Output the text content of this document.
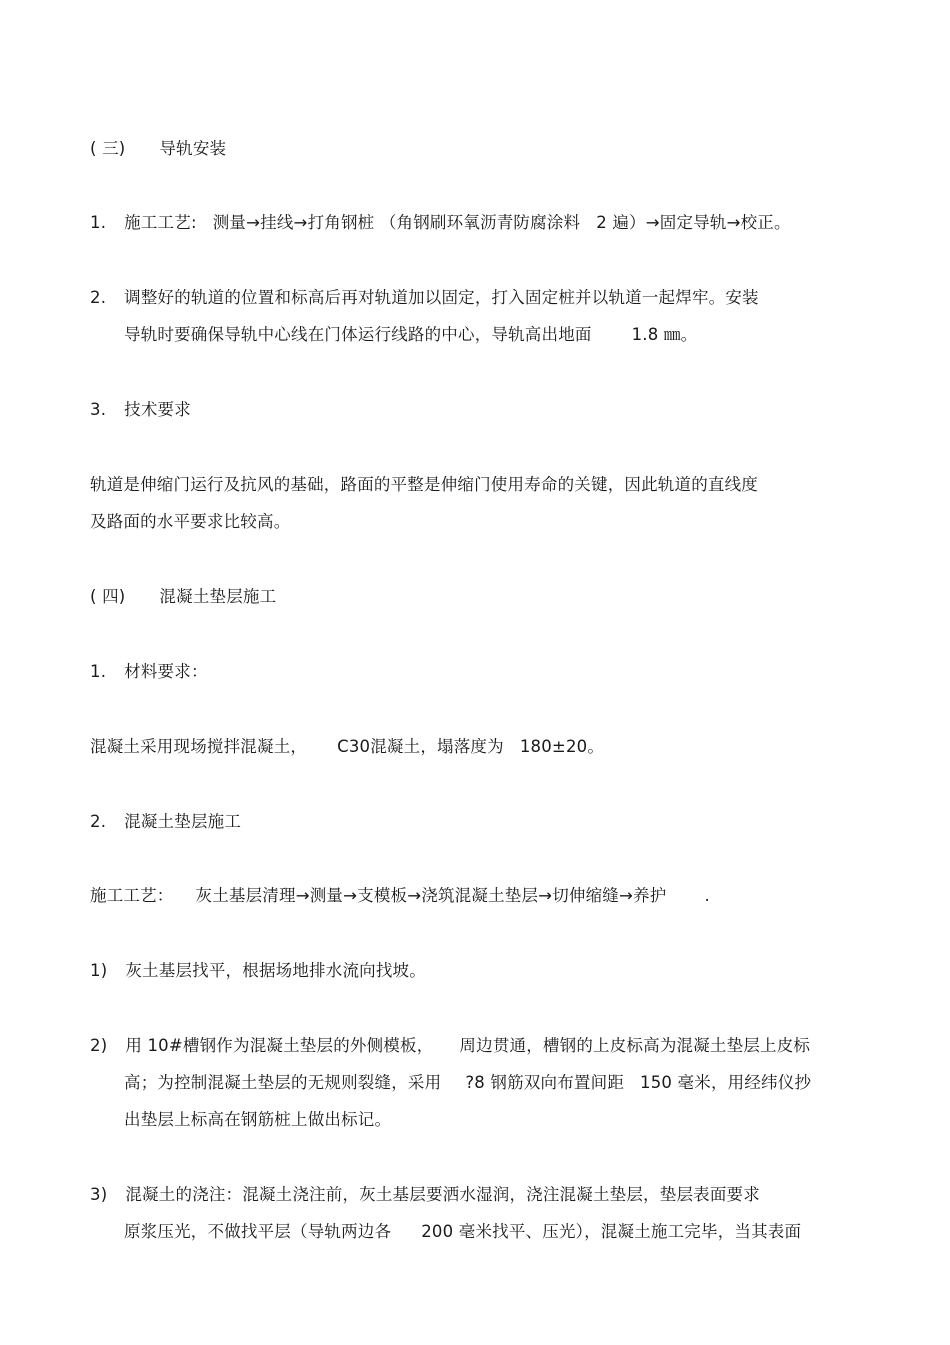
( 三) 导轨安装
1. 施工工艺: 测量→挂线→打角钢桩 （角钢刷环氧沥青防腐涂料 2 遍）→固定导轨→校正。
2. 调整好的轨道的位置和标高后再对轨道加以固定，打入固定桩并以轨道一起焊牢。安装
导轨时要确保导轨中心线在门体运行线路的中心，导轨高出地面 1.8 ㎜。
3. 技术要求
轨道是伸缩门运行及抗风的基础，路面的平整是伸缩门使用寿命的关键，因此轨道的直线度
及路面的水平要求比较高。
( 四) 混凝土垫层施工
1. 材料要求：
混凝土采用现场搅拌混凝土， C30混凝土，塌落度为 180±20。
2. 混凝土垫层施工
施工工艺： 灰土基层清理→测量→支模板→浇筑混凝土垫层→切伸缩缝→养护 .
1) 灰土基层找平，根据场地排水流向找坡。
2) 用 10#槽钢作为混凝土垫层的外侧模板， 周边贯通，槽钢的上皮标高为混凝土垫层上皮标
高；为控制混凝土垫层的无规则裂缝，采用 ?8 钢筋双向布置间距 150 毫米，用经纬仪抄
出垫层上标高在钢筋桩上做出标记。
3) 混凝土的浇注：混凝土浇注前，灰土基层要洒水湿润，浇注混凝土垫层，垫层表面要求
原浆压光，不做找平层（导轨两边各 200 毫米找平、压光），混凝土施工完毕，当其表面
